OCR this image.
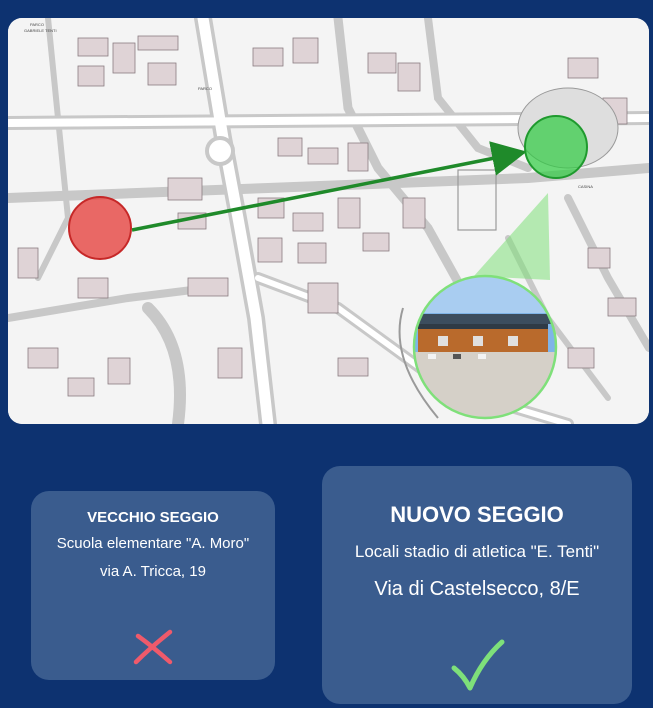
PARCO
GABRIELE TENTI
PARCO
CASINA
VECCHIO SEGGIO
Scuola elementare "A. Moro"
via A. Tricca, 19
NUOVO SEGGIO
Locali stadio di atletica "E. Tenti"
Via di Castelsecco, 8/E
